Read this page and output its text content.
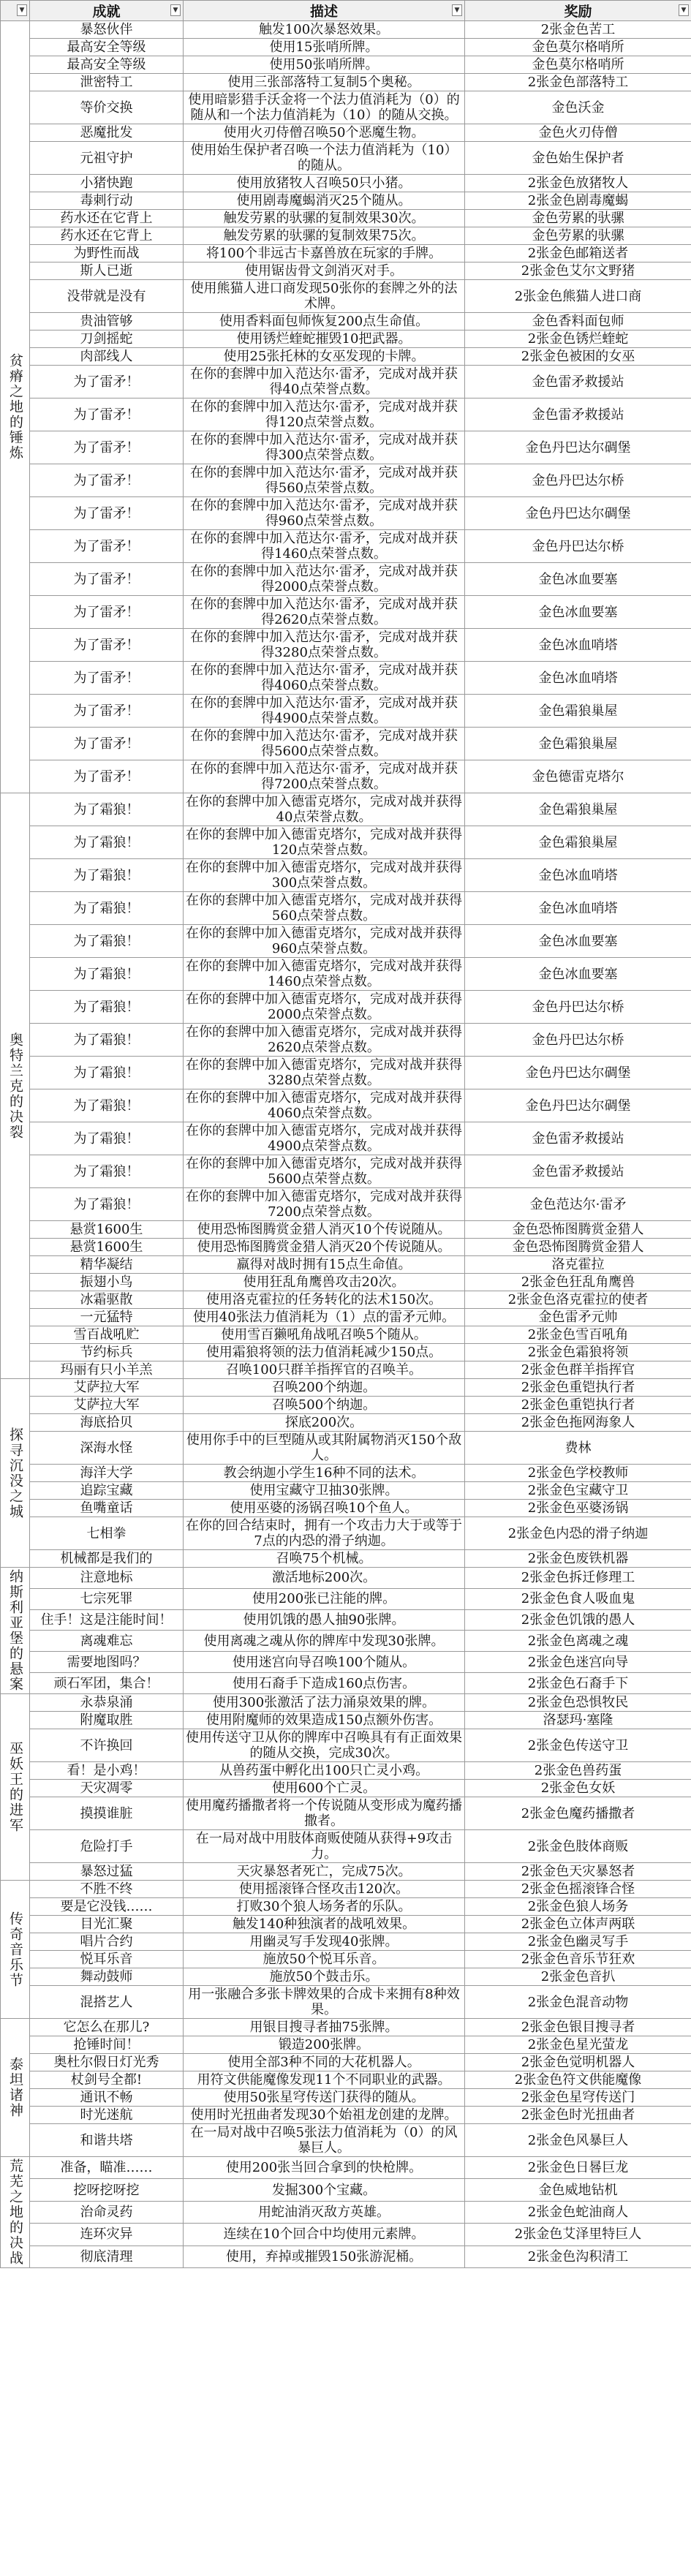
▼	成就 ▼	描述 ▼	奖励 ▼

贫瘠之地的锤炼	暴怒伙伴	触发100次暴怒效果。	2张金色苦工
	最高安全等级	使用15张哨所牌。	金色莫尔格哨所
	最高安全等级	使用50张哨所牌。	金色莫尔格哨所
	泄密特工	使用三张部落特工复制5个奥秘。	2张金色部落特工
	等价交换	使用暗影猎手沃金将一个法力值消耗为（0）的随从和一个法力值消耗为（10）的随从交换。	金色沃金
	恶魔批发	使用火刃侍僧召唤50个恶魔生物。	金色火刃侍僧
	元祖守护	使用始生保护者召唤一个法力值消耗为（10）的随从。	金色始生保护者
	小猪快跑	使用放猪牧人召唤50只小猪。	2张金色放猪牧人
	毒刺行动	使用剧毒魔蝎消灭25个随从。	2张金色剧毒魔蝎
	药水还在它背上	触发劳累的驮骡的复制效果30次。	金色劳累的驮骡
	药水还在它背上	触发劳累的驮骡的复制效果75次。	金色劳累的驮骡
	为野性而战	将100个非远古卡嘉兽放在玩家的手牌。	2张金色邮箱送者
	斯人已逝	使用锯齿骨文剑消灭对手。	2张金色艾尔文野猪
	没带就是没有	使用熊猫人进口商发现50张你的套牌之外的法术牌。	2张金色熊猫人进口商
	贵油管够	使用香料面包师恢复200点生命值。	金色香料面包师
	刀剑摇蛇	使用锈烂蝰蛇摧毁10把武器。	2张金色锈烂蝰蛇
	肉部线人	使用25张托林的女巫发现的卡牌。	2张金色被困的女巫
	为了雷矛！	在你的套牌中加入范达尔·雷矛，完成对战并获得40点荣誉点数。	金色雷矛救援站
	为了雷矛！	在你的套牌中加入范达尔·雷矛，完成对战并获得120点荣誉点数。	金色雷矛救援站
	为了雷矛！	在你的套牌中加入范达尔·雷矛，完成对战并获得300点荣誉点数。	金色丹巴达尔碉堡
	为了雷矛！	在你的套牌中加入范达尔·雷矛，完成对战并获得560点荣誉点数。	金色丹巴达尔桥
	为了雷矛！	在你的套牌中加入范达尔·雷矛，完成对战并获得960点荣誉点数。	金色丹巴达尔碉堡
	为了雷矛！	在你的套牌中加入范达尔·雷矛，完成对战并获得1460点荣誉点数。	金色丹巴达尔桥
	为了雷矛！	在你的套牌中加入范达尔·雷矛，完成对战并获得2000点荣誉点数。	金色冰血要塞
	为了雷矛！	在你的套牌中加入范达尔·雷矛，完成对战并获得2620点荣誉点数。	金色冰血要塞
	为了雷矛！	在你的套牌中加入范达尔·雷矛，完成对战并获得3280点荣誉点数。	金色冰血哨塔
	为了雷矛！	在你的套牌中加入范达尔·雷矛，完成对战并获得4060点荣誉点数。	金色冰血哨塔
	为了雷矛！	在你的套牌中加入范达尔·雷矛，完成对战并获得4900点荣誉点数。	金色霜狼巢屋
	为了雷矛！	在你的套牌中加入范达尔·雷矛，完成对战并获得5600点荣誉点数。	金色霜狼巢屋
	为了雷矛！	在你的套牌中加入范达尔·雷矛，完成对战并获得7200点荣誉点数。	金色德雷克塔尔
奥特兰克的决裂	为了霜狼！	在你的套牌中加入德雷克塔尔，完成对战并获得40点荣誉点数。	金色霜狼巢屋
	为了霜狼！	在你的套牌中加入德雷克塔尔，完成对战并获得120点荣誉点数。	金色霜狼巢屋
	为了霜狼！	在你的套牌中加入德雷克塔尔，完成对战并获得300点荣誉点数。	金色冰血哨塔
	为了霜狼！	在你的套牌中加入德雷克塔尔，完成对战并获得560点荣誉点数。	金色冰血哨塔
	为了霜狼！	在你的套牌中加入德雷克塔尔，完成对战并获得960点荣誉点数。	金色冰血要塞
	为了霜狼！	在你的套牌中加入德雷克塔尔，完成对战并获得1460点荣誉点数。	金色冰血要塞
	为了霜狼！	在你的套牌中加入德雷克塔尔，完成对战并获得2000点荣誉点数。	金色丹巴达尔桥
	为了霜狼！	在你的套牌中加入德雷克塔尔，完成对战并获得2620点荣誉点数。	金色丹巴达尔桥
	为了霜狼！	在你的套牌中加入德雷克塔尔，完成对战并获得3280点荣誉点数。	金色丹巴达尔碉堡
	为了霜狼！	在你的套牌中加入德雷克塔尔，完成对战并获得4060点荣誉点数。	金色丹巴达尔碉堡
	为了霜狼！	在你的套牌中加入德雷克塔尔，完成对战并获得4900点荣誉点数。	金色雷矛救援站
	为了霜狼！	在你的套牌中加入德雷克塔尔，完成对战并获得5600点荣誉点数。	金色雷矛救援站
	为了霜狼！	在你的套牌中加入德雷克塔尔，完成对战并获得7200点荣誉点数。	金色范达尔·雷矛
	悬赏1600生	使用恐怖图腾赏金猎人消灭10个传说随从。	金色恐怖图腾赏金猎人
	悬赏1600生	使用恐怖图腾赏金猎人消灭20个传说随从。	金色恐怖图腾赏金猎人
	精华凝结	羸得对战时拥有15点生命值。	洛克霍拉
	振翅小鸟	使用狂乱角鹰兽攻击20次。	2张金色狂乱角鹰兽
	冰霜驱散	使用洛克霍拉的任务转化的法术150次。	2张金色洛克霍拉的使者
	一元猛特	使用40张法力值消耗为（1）点的雷矛元帅。	金色雷矛元帅
	雪百战吼贮	使用雪百獭吼角战吼召唤5个随从。	2张金色雪百吼角
	节约标兵	使用霜狼将领的法力值消耗减少150点。	2张金色霜狼将领
	玛丽有只小羊羔	召唤100只群羊指挥官的召唤羊。	2张金色群羊指挥官
探寻沉没之城	艾萨拉大军	召唤200个纳迦。	2张金色重铠执行者
	艾萨拉大军	召唤500个纳迦。	2张金色重铠执行者
	海底拾贝	探底200次。	2张金色拖网海象人
	深海水怪	使用你手中的巨型随从或其附属物消灭150个敌人。	费林
	海洋大学	教会纳迦小学生16种不同的法术。	2张金色学校教师
	追踪宝藏	使用宝藏守卫抽30张牌。	2张金色宝藏守卫
	鱼嘴童话	使用巫婆的汤锅召唤10个鱼人。	2张金色巫婆汤锅
	七相拳	在你的回合结束时，拥有一个攻击力大于或等于7点的内恐的滑子纳迦。	2张金色内恐的滑子纳迦
	机械都是我们的	召唤75个机械。	2张金色废铁机器
纳斯利亚堡的悬案	注意地标	激活地标200次。	2张金色拆迁修理工
	七宗死罪	使用200张已注能的牌。	2张金色食人吸血鬼
	住手！这是注能时间！	使用饥饿的愚人抽90张牌。	2张金色饥饿的愚人
	离魂难忘	使用离魂之魂从你的牌库中发现30张牌。	2张金色离魂之魂
	需要地图吗？	使用迷宫向导召唤100个随从。	2张金色迷宫向导
	顽石军团，集合！	使用石裔手下造成160点伤害。	2张金色石裔手下
巫妖王的进军	永恭泉涌	使用300张激活了法力涌泉效果的牌。	2张金色恐惧牧民
	附魔取胜	使用附魔师的效果造成150点额外伤害。	洛瑟玛·塞隆
	不许换回	使用传送守卫从你的牌库中召唤具有有正面效果的随从交换，完成30次。	2张金色传送守卫
	看！是小鸡！	从兽药蛋中孵化出100只亡灵小鸡。	2张金色兽药蛋
	天灾凋零	使用600个亡灵。	2张金色女妖
	摸摸谁脏	使用魔药播撒者将一个传说随从变形成为魔药播撒者。	2张金色魔药播撒者
	危险打手	在一局对战中用肢体商贩使随从获得+9攻击力。	2张金色肢体商贩
	暴怒过猛	天灾暴怒者死亡，完成75次。	2张金色天灾暴怒者
传奇音乐节	不胜不终	使用摇滚锋合怪攻击120次。	2张金色摇滚锋合怪
	要是它没钱……	打败30个狼人场务者的乐队。	2张金色狼人场务
	目光汇聚	触发140种独演者的战吼效果。	2张金色立体声两联
	唱片合约	用幽灵写手发现40张牌。	2张金色幽灵写手
	悦耳乐音	施放50个悦耳乐音。	2张金色音乐节狂欢
	舞动鼓师	施放50个鼓击乐。	2张金色音扒
	混搭艺人	用一张融合多张卡牌效果的合成卡来拥有8种效果。	2张金色混音动物
泰坦诸神	它怎么在那儿?	用银目搜寻者抽75张牌。	2张金色银目搜寻者
	抢锤时间！	锻造200张牌。	2张金色星光萤龙
	奥杜尔假日灯光秀	使用全部3种不同的大花机器人。	2张金色觉明机器人
	杖剑号全都!	用符文供能魔像发现11个不同职业的武器。	2张金色符文供能魔像
	通讯不畅	使用50张星穹传送门获得的随从。	2张金色星穹传送门
	时光迷航	使用时光扭曲者发现30个始祖龙创建的龙牌。	2张金色时光扭曲者
	和谐共塔	在一局对战中召唤5张法力值消耗为（0）的风暴巨人。	2张金色风暴巨人
荒芜之地的决战	准备，瞄准……	使用200张当回合拿到的快枪牌。	2张金色日晷巨龙
	挖呀挖呀挖	发掘300个宝藏。	金色威地钻机
	治命灵药	用蛇油消灭敌方英雄。	2张金色蛇油商人
	连环灾异	连续在10个回合中均使用元素牌。	2张金色艾泽里特巨人
	彻底清理	使用，弃掉或摧毁150张游泥桶。	2张金色沟积清工
